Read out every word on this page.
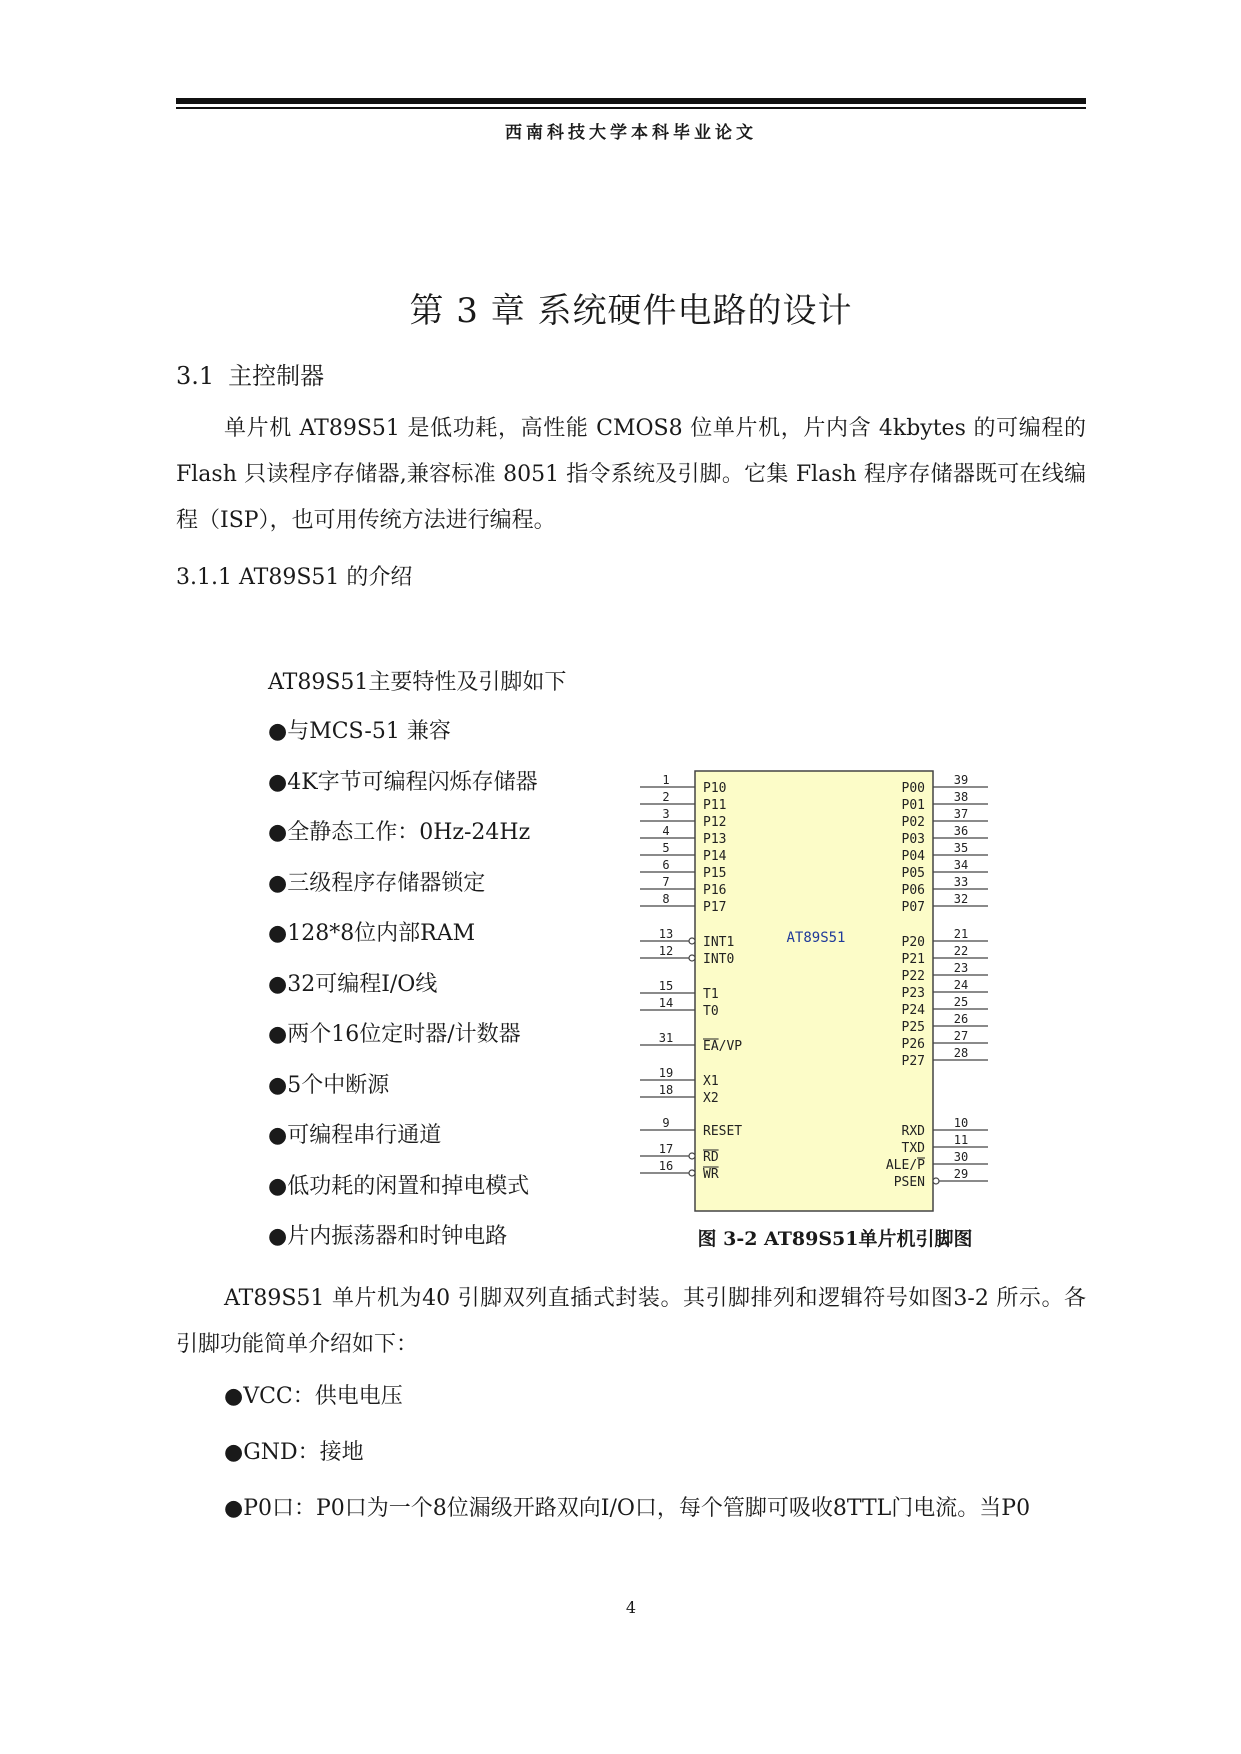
西南科技大学本科毕业论文
第 3 章 系统硬件电路的设计
3.1 主控制器
单片机 AT89S51 是低功耗，高性能 CMOS8 位单片机，片内含 4kbytes 的可编程的 Flash 只读程序存储器,兼容标准 8051 指令系统及引脚。它集 Flash 程序存储器既可在线编程（ISP），也可用传统方法进行编程。
3.1.1 AT89S51 的介绍
AT89S51主要特性及引脚如下
●与MCS-51 兼容
●4K字节可编程闪烁存储器
●全静态工作：0Hz-24Hz
●三级程序存储器锁定
●128*8位内部RAM
●32可编程I/O线
●两个16位定时器/计数器
●5个中断源
●可编程串行通道
●低功耗的闲置和掉电模式
●片内振荡器和时钟电路
AT89S51
1
P10
2
P11
3
P12
4
P13
5
P14
6
P15
7
P16
8
P17
13
INT1
12
INT0
15
T1
14
T0
31
EA/VP
19
X1
18
X2
9
RESET
17
RD
16
WR
39
P00
38
P01
37
P02
36
P03
35
P04
34
P05
33
P06
32
P07
21
P20
22
P21
23
P22
24
P23
25
P24
26
P25
27
P26
28
P27
10
RXD
11
TXD
30
ALE/P
29
PSEN
图 3-2 AT89S51单片机引脚图
AT89S51 单片机为40 引脚双列直插式封装。其引脚排列和逻辑符号如图3-2 所示。各引脚功能简单介绍如下：
●VCC：供电电压
●GND：接地
●P0口：P0口为一个8位漏级开路双向I/O口，每个管脚可吸收8TTL门电流。当P0
4
